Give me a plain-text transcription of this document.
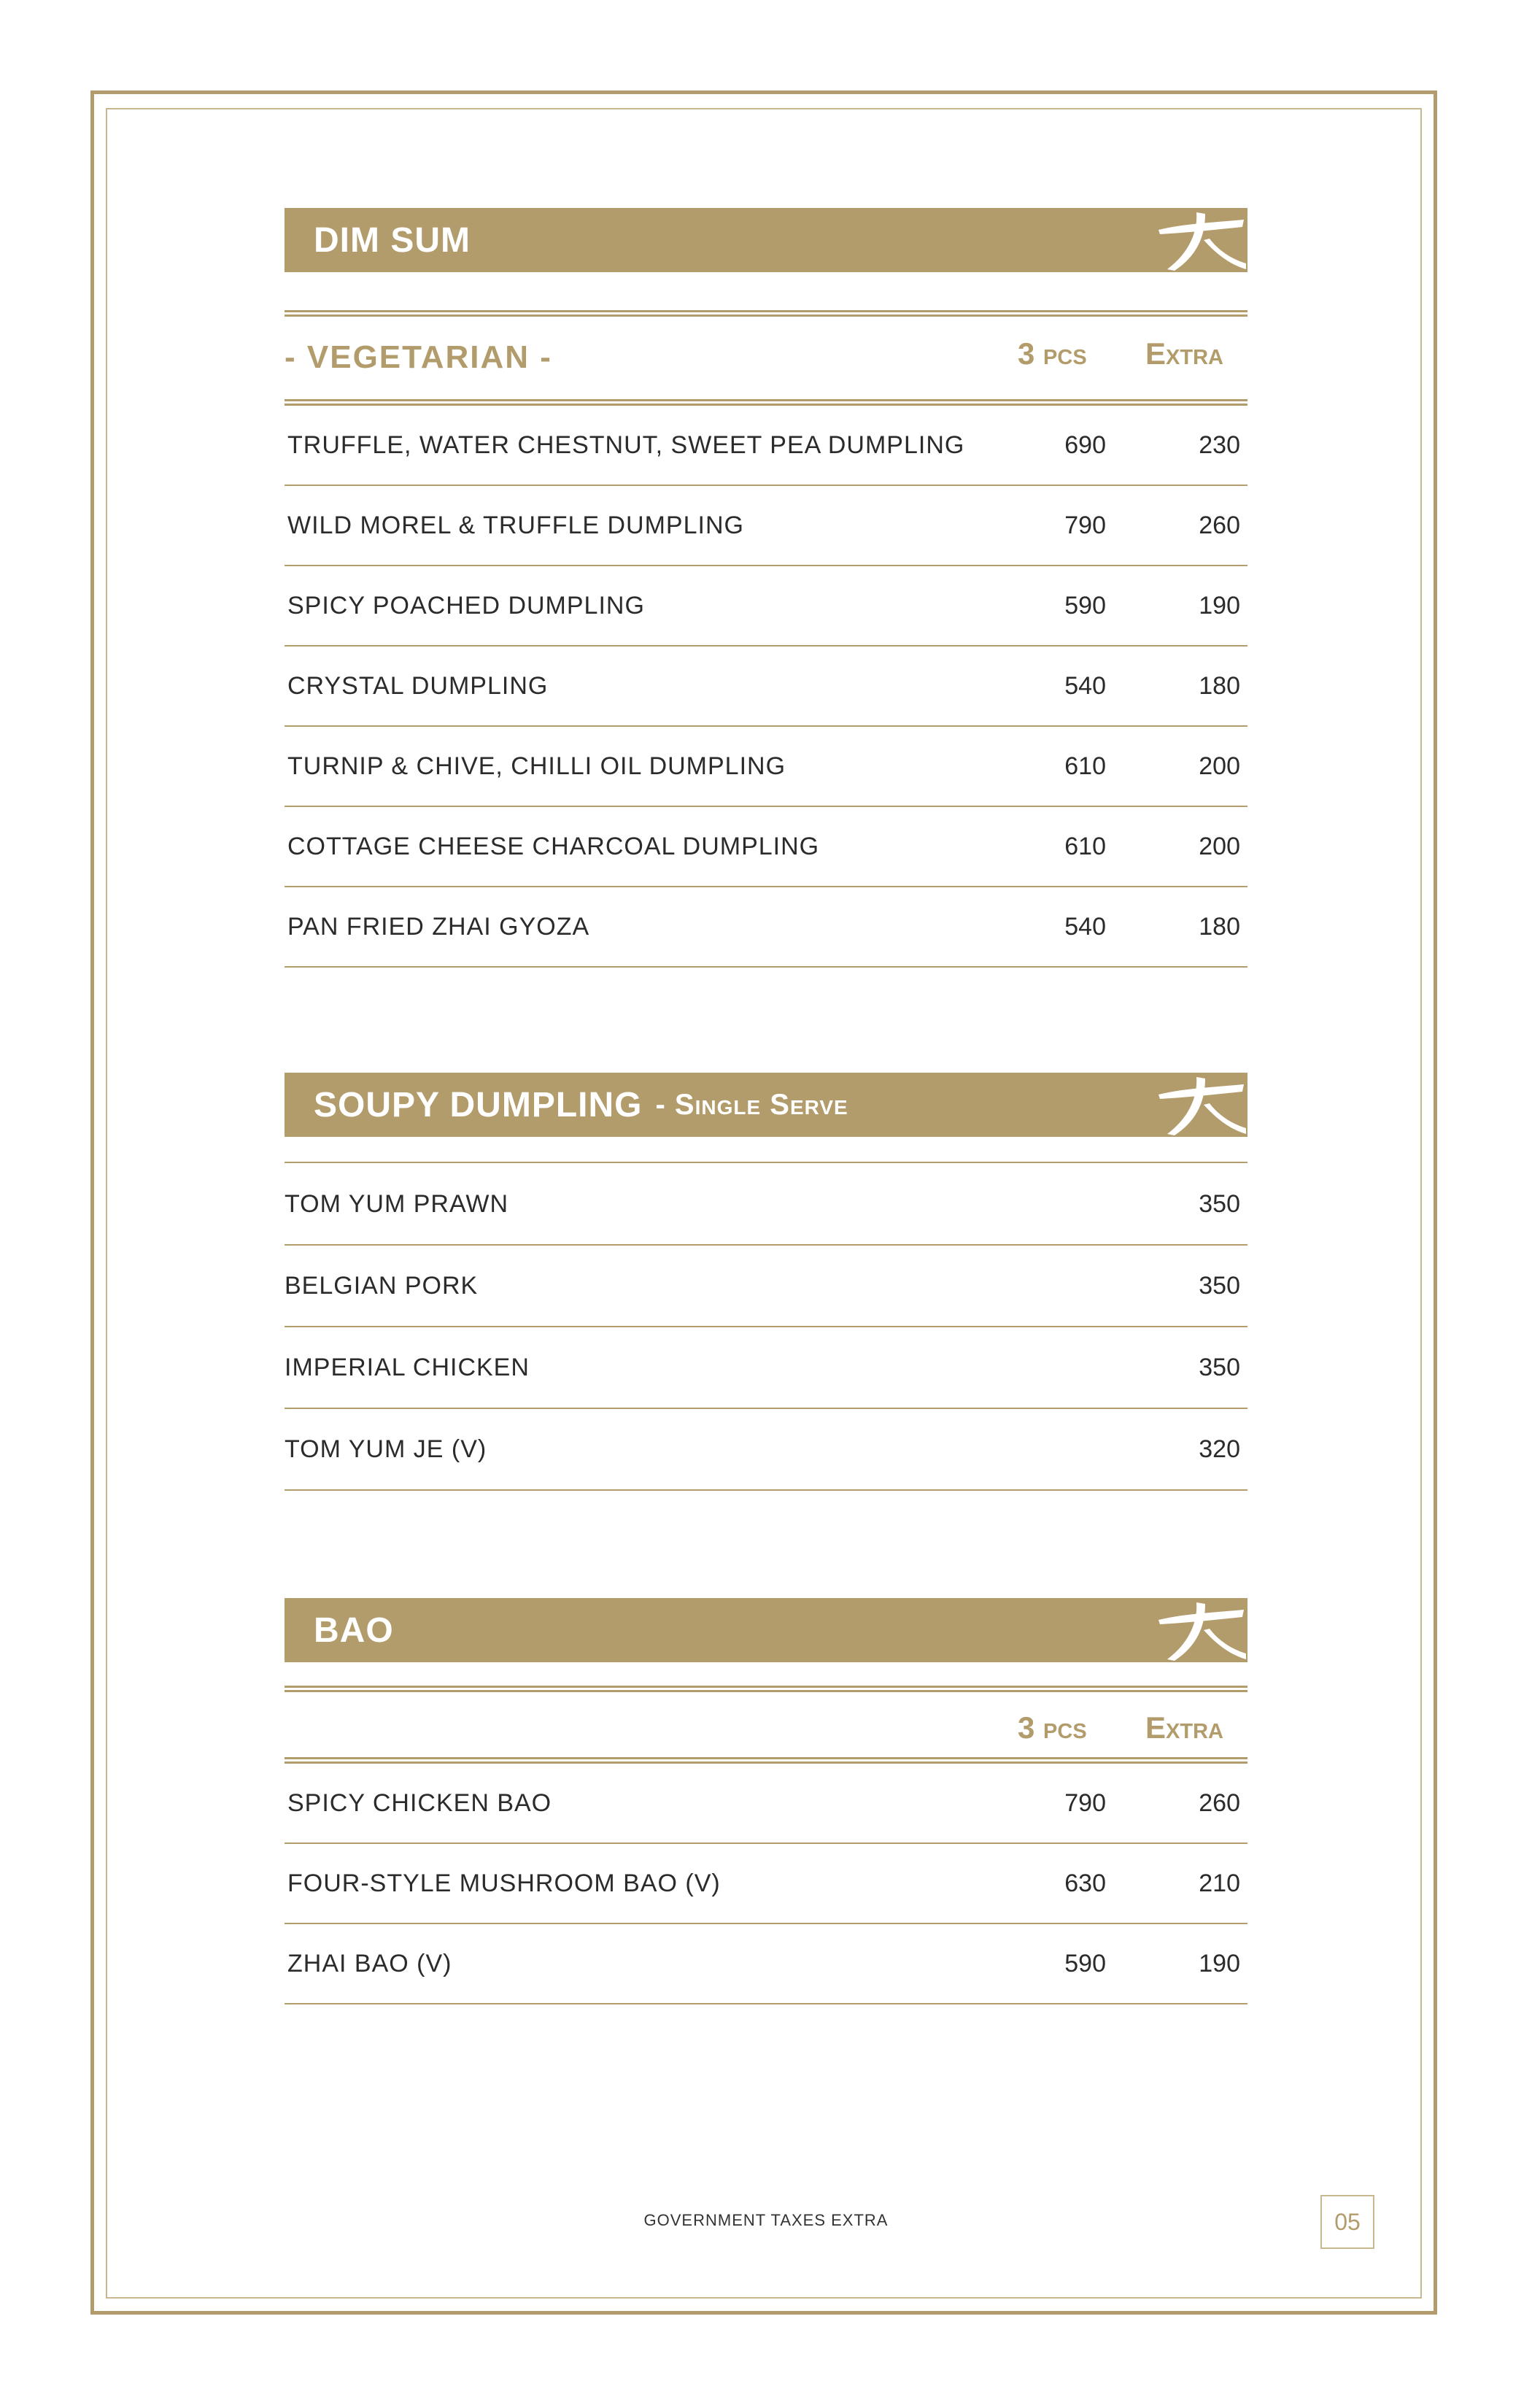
DIM SUM
- VEGETARIAN -	3 pcs Extra
TRUFFLE, WATER CHESTNUT, SWEET PEA DUMPLING	690	230
WILD MOREL & TRUFFLE DUMPLING	790	260
SPICY POACHED DUMPLING	590	190
CRYSTAL DUMPLING	540	180
TURNIP & CHIVE, CHILLI OIL DUMPLING	610	200
COTTAGE CHEESE CHARCOAL DUMPLING	610	200
PAN FRIED ZHAI GYOZA	540	180
SOUPY DUMPLING - Single Serve
TOM YUM PRAWN	350
BELGIAN PORK	350
IMPERIAL CHICKEN	350
TOM YUM JE (V)	320
BAO
3 pcs Extra
SPICY CHICKEN BAO	790	260
FOUR-STYLE MUSHROOM BAO (V)	630	210
ZHAI BAO (V)	590	190
GOVERNMENT TAXES EXTRA	05
